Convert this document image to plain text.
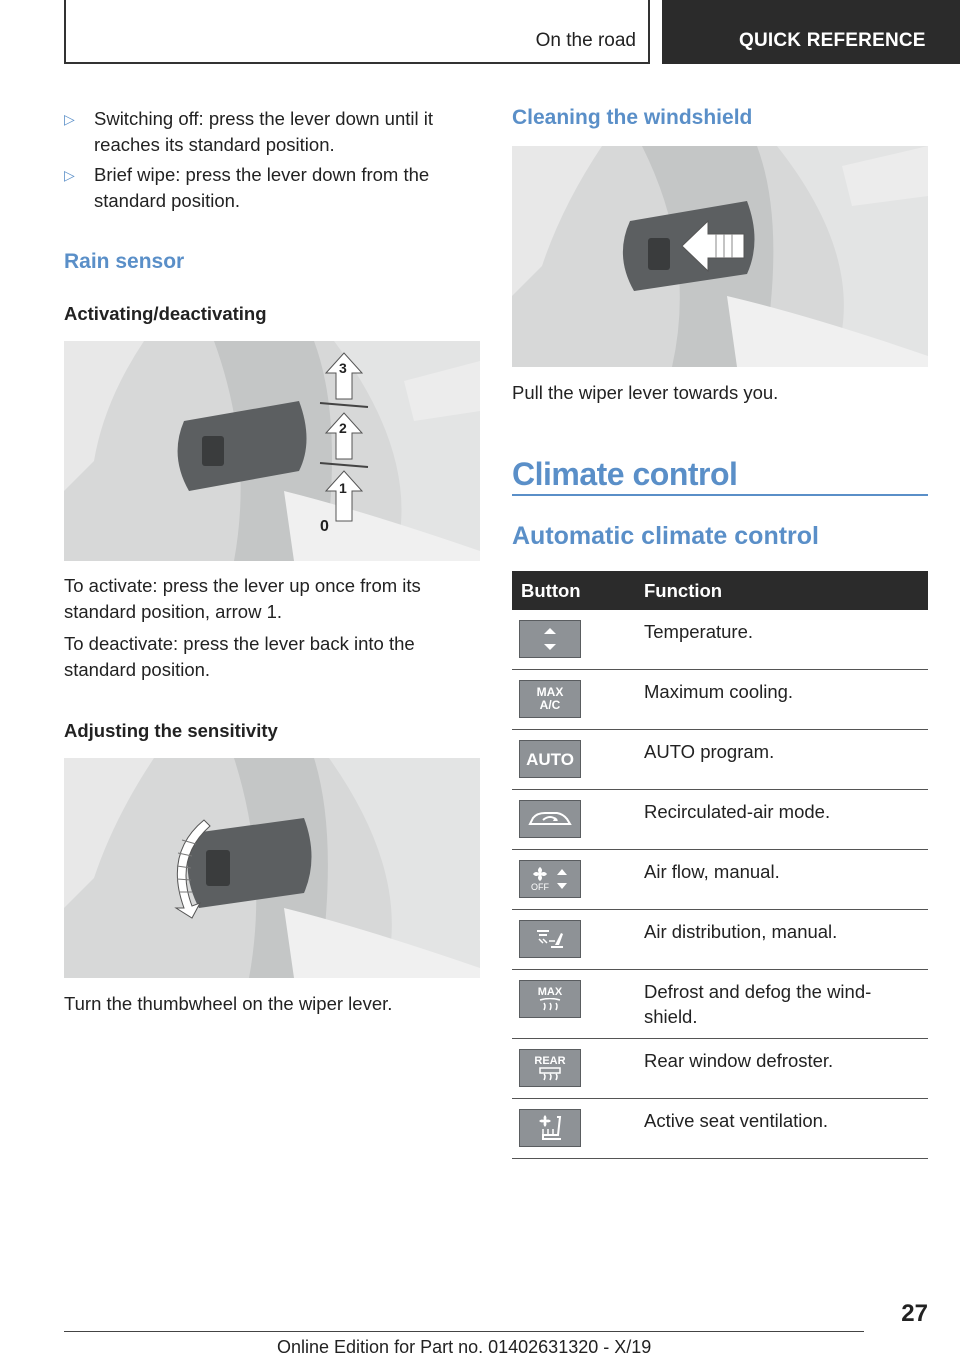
On the road	QUICK REFERENCE
▷ Switching off: press the lever down until it reaches its standard position.
▷ Brief wipe: press the lever down from the standard position.
Rain sensor
Activating/deactivating
1
2
3
0

To activate: press the lever up once from its standard position, arrow 1.

To deactivate: press the lever back into the standard position.

Adjusting the sensitivity

Turn the thumbwheel on the wiper lever.

Cleaning the windshield

Pull the wiper lever towards you.

Climate control
Automatic climate control
Button	Function

	Temperature.

MAX
A/C	Maximum cooling.

AUTO	AUTO program.

	Recirculated-air mode.

OFF	Air flow, manual.

	Air distribution, manual.

MAX	Defrost and defog the wind-shield.

REAR	Rear window defroster.

	Active seat ventilation.
27
Online Edition for Part no. 01402631320 - X/19
